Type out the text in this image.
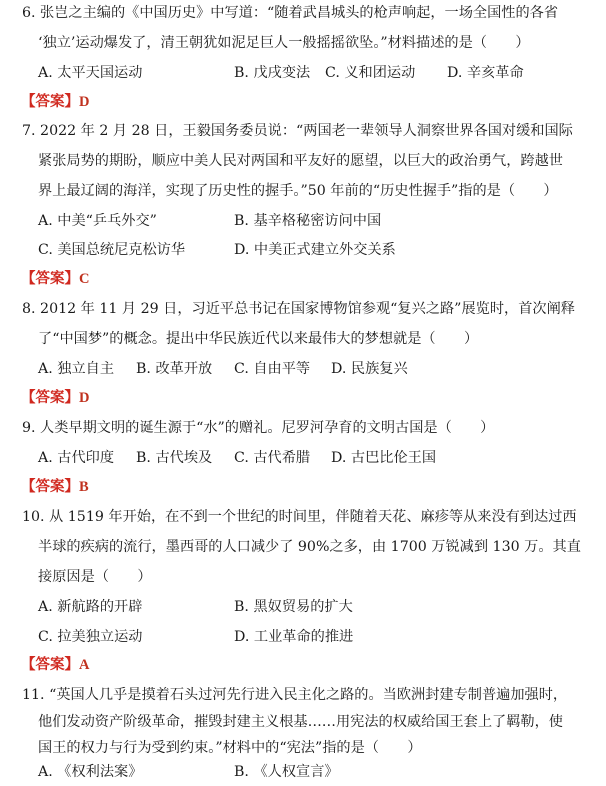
6. 张岂之主编的《中国历史》中写道：“随着武昌城头的枪声响起，一场全国性的各省
‘独立’运动爆发了，清王朝犹如泥足巨人一般摇摇欲坠。”材料描述的是（　　）
A. 太平天国运动	B. 戊戌变法 C. 义和团运动 D. 辛亥革命
【答案】D
7. 2022 年 2 月 28 日，王毅国务委员说：“两国老一辈领导人洞察世界各国对缓和国际
紧张局势的期盼，顺应中美人民对两国和平友好的愿望，以巨大的政治勇气，跨越世
界上最辽阔的海洋，实现了历史性的握手。”50 年前的“历史性握手”指的是（　　）
A. 中美“乒乓外交”	B. 基辛格秘密访问中国
C. 美国总统尼克松访华	D. 中美正式建立外交关系
【答案】C
8. 2012 年 11 月 29 日，习近平总书记在国家博物馆参观“复兴之路”展览时，首次阐释
了“中国梦”的概念。提出中华民族近代以来最伟大的梦想就是（　　）
A. 独立自主 B. 改革开放 C. 自由平等 D. 民族复兴
【答案】D
9. 人类早期文明的诞生源于“水”的赠礼。尼罗河孕育的文明古国是（　　）
A. 古代印度 B. 古代埃及 C. 古代希腊 D. 古巴比伦王国
【答案】B
10. 从 1519 年开始，在不到一个世纪的时间里，伴随着天花、麻疹等从来没有到达过西
半球的疾病的流行，墨西哥的人口减少了 90%之多，由 1700 万锐减到 130 万。其直
接原因是（　　）
A. 新航路的开辟	B. 黑奴贸易的扩大
C. 拉美独立运动	D. 工业革命的推进
【答案】A
11. “英国人几乎是摸着石头过河先行进入民主化之路的。当欧洲封建专制普遍加强时，
他们发动资产阶级革命，摧毁封建主义根基……用宪法的权威给国王套上了羁勒，使
国王的权力与行为受到约束。”材料中的“宪法”指的是（　　）
A. 《权利法案》	B. 《人权宣言》
